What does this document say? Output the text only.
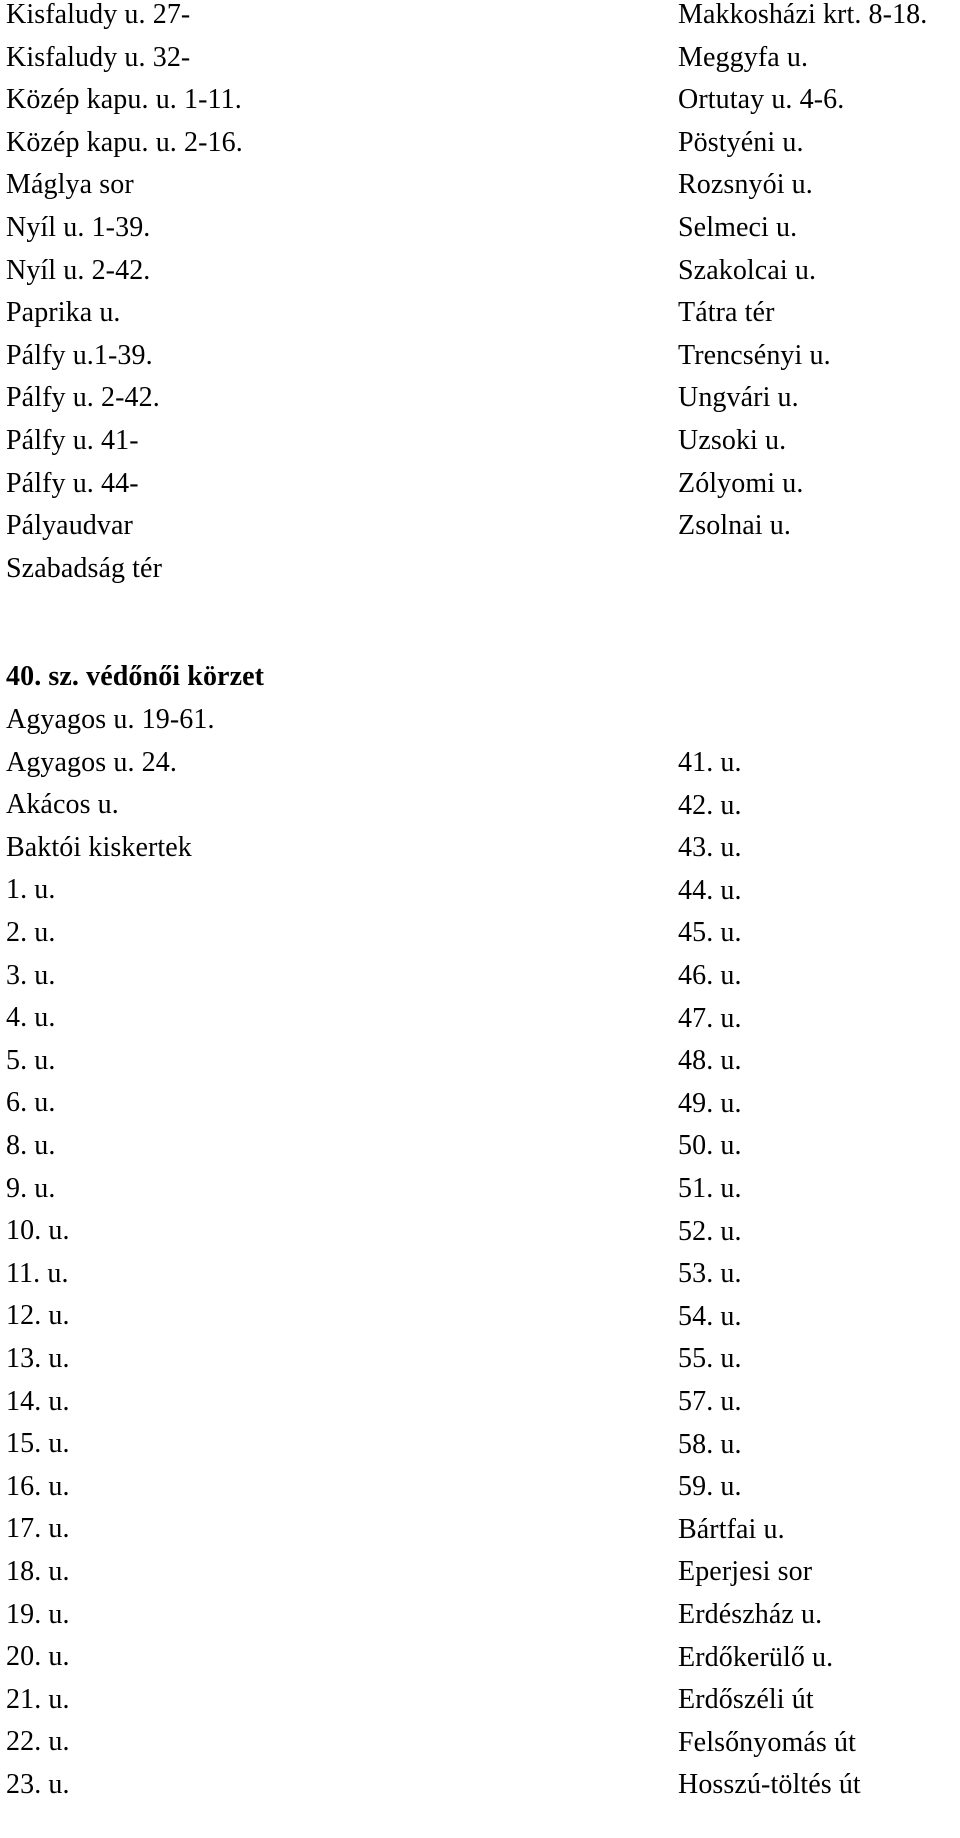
Kisfaludy u. 27-
Kisfaludy u. 32-
Közép kapu. u. 1-11.
Közép kapu. u. 2-16.
Máglya sor
Nyíl u. 1-39.
Nyíl u. 2-42.
Paprika u.
Pálfy u.1-39.
Pálfy u. 2-42.
Pálfy u. 41-
Pálfy u. 44-
Pályaudvar
Szabadság tér
Makkosházi krt. 8-18.
Meggyfa u.
Ortutay u. 4-6.
Pöstyéni u.
Rozsnyói u.
Selmeci u.
Szakolcai u.
Tátra tér
Trencsényi u.
Ungvári u.
Uzsoki u.
Zólyomi u.
Zsolnai u.
40. sz. védőnői körzet
Agyagos u. 19-61.
Agyagos u. 24.
Akácos u.
Baktói kiskertek
1. u.
2. u.
3. u.
4. u.
5. u.
6. u.
8. u.
9. u.
10. u.
11. u.
12. u.
13. u.
14. u.
15. u.
16. u.
17. u.
18. u.
19. u.
20. u.
21. u.
22. u.
23. u.
41. u.
42. u.
43. u.
44. u.
45. u.
46. u.
47. u.
48. u.
49. u.
50. u.
51. u.
52. u.
53. u.
54. u.
55. u.
57. u.
58. u.
59. u.
Bártfai u.
Eperjesi sor
Erdészház u.
Erdőkerülő u.
Erdőszéli út
Felsőnyomás út
Hosszú-töltés út
